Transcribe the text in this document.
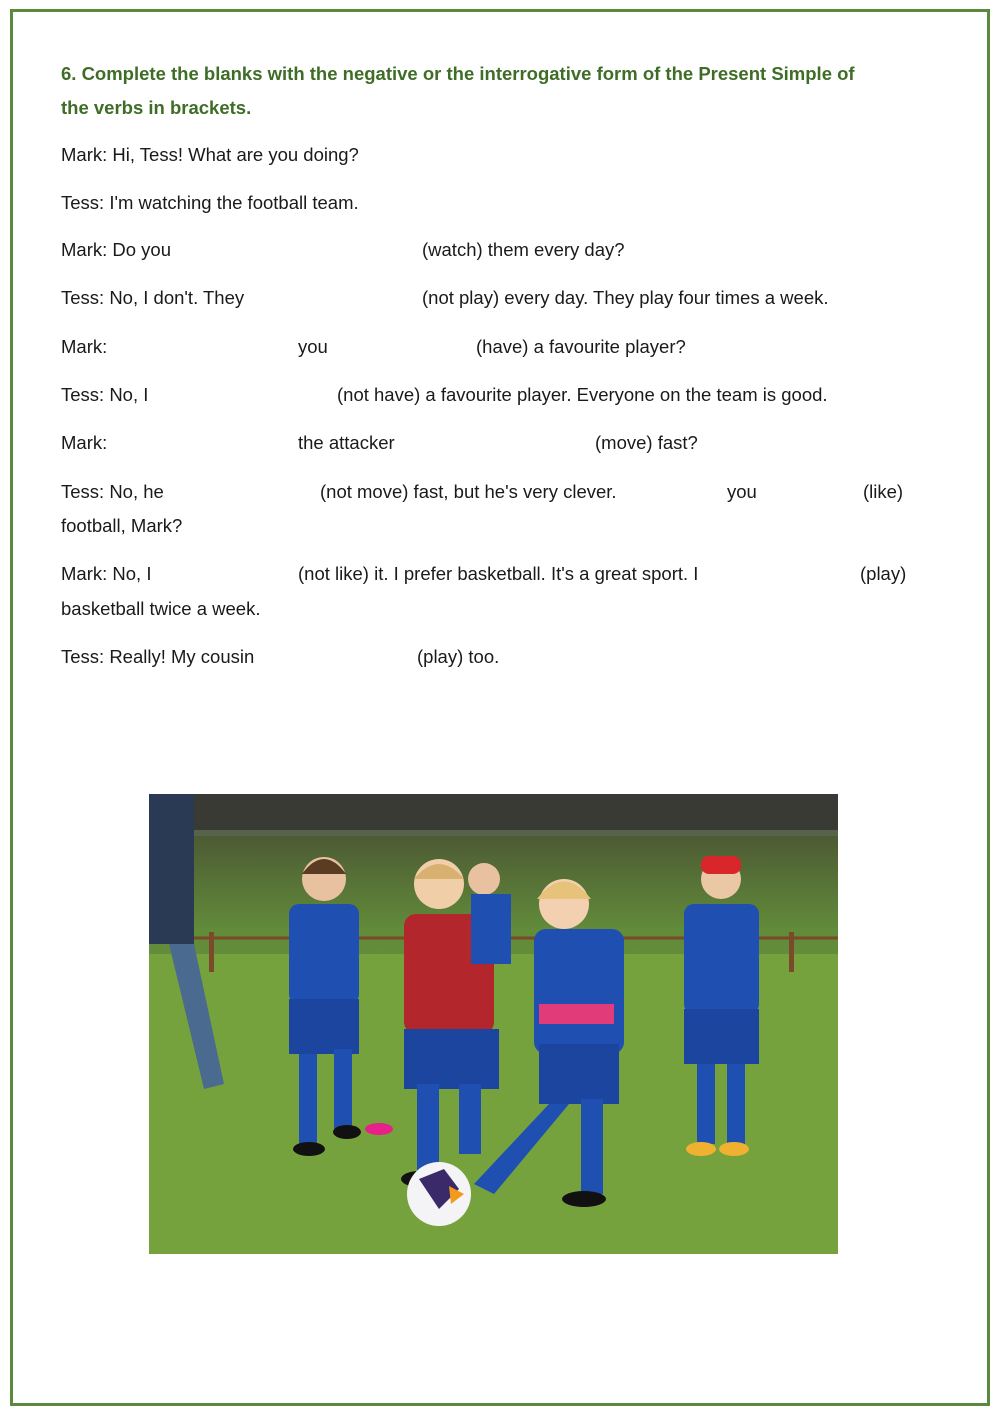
6. Complete the blanks with the negative or the interrogative form of the Present Simple of
the verbs in brackets.
Mark: Hi, Tess! What are you doing?
Tess: I'm watching the football team.
Mark: Do you	(watch) them every day?
Tess: No, I don't. They	(not play) every day. They play four times a week.
Mark:	you	(have) a favourite player?
Tess: No, I	(not have) a favourite player. Everyone on the team is good.
Mark:	the attacker	(move) fast?
Tess: No, he	(not move) fast, but he's very clever.	you	(like)
football, Mark?
Mark: No, I	(not like) it. I prefer basketball. It's a great sport. I	(play)
basketball twice a week.
Tess: Really! My cousin	(play) too.
